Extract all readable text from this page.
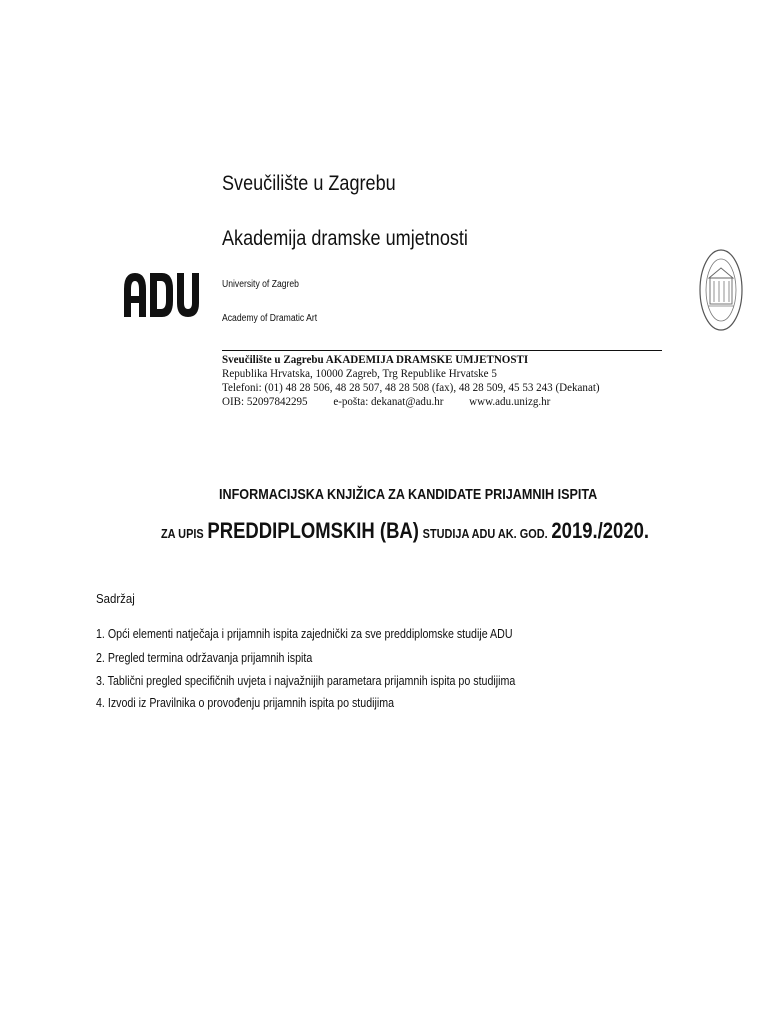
Sveučilište u Zagrebu
Akademija dramske umjetnosti
University of Zagreb
Academy of Dramatic Art
Sveučilište u Zagrebu AKADEMIJA DRAMSKE UMJETNOSTI
Republika Hrvatska, 10000 Zagreb, Trg Republike Hrvatske 5
Telefoni: (01) 48 28 506, 48 28 507, 48 28 508 (fax), 48 28 509, 45 53 243 (Dekanat)
OIB: 52097842295 e-pošta: dekanat@adu.hr www.adu.unizg.hr
INFORMACIJSKA KNJIŽICA ZA KANDIDATE PRIJAMNIH ISPITA
ZA UPIS PREDDIPLOMSKIH (BA) STUDIJA ADU AK. GOD. 2019./2020.
Sadržaj
1. Opći elementi natječaja i prijamnih ispita zajednički za sve preddiplomske studije ADU
2. Pregled termina održavanja prijamnih ispita
3. Tablični pregled specifičnih uvjeta i najvažnijih parametara prijamnih ispita po studijima
4. Izvodi iz Pravilnika o provođenju prijamnih ispita po studijima
